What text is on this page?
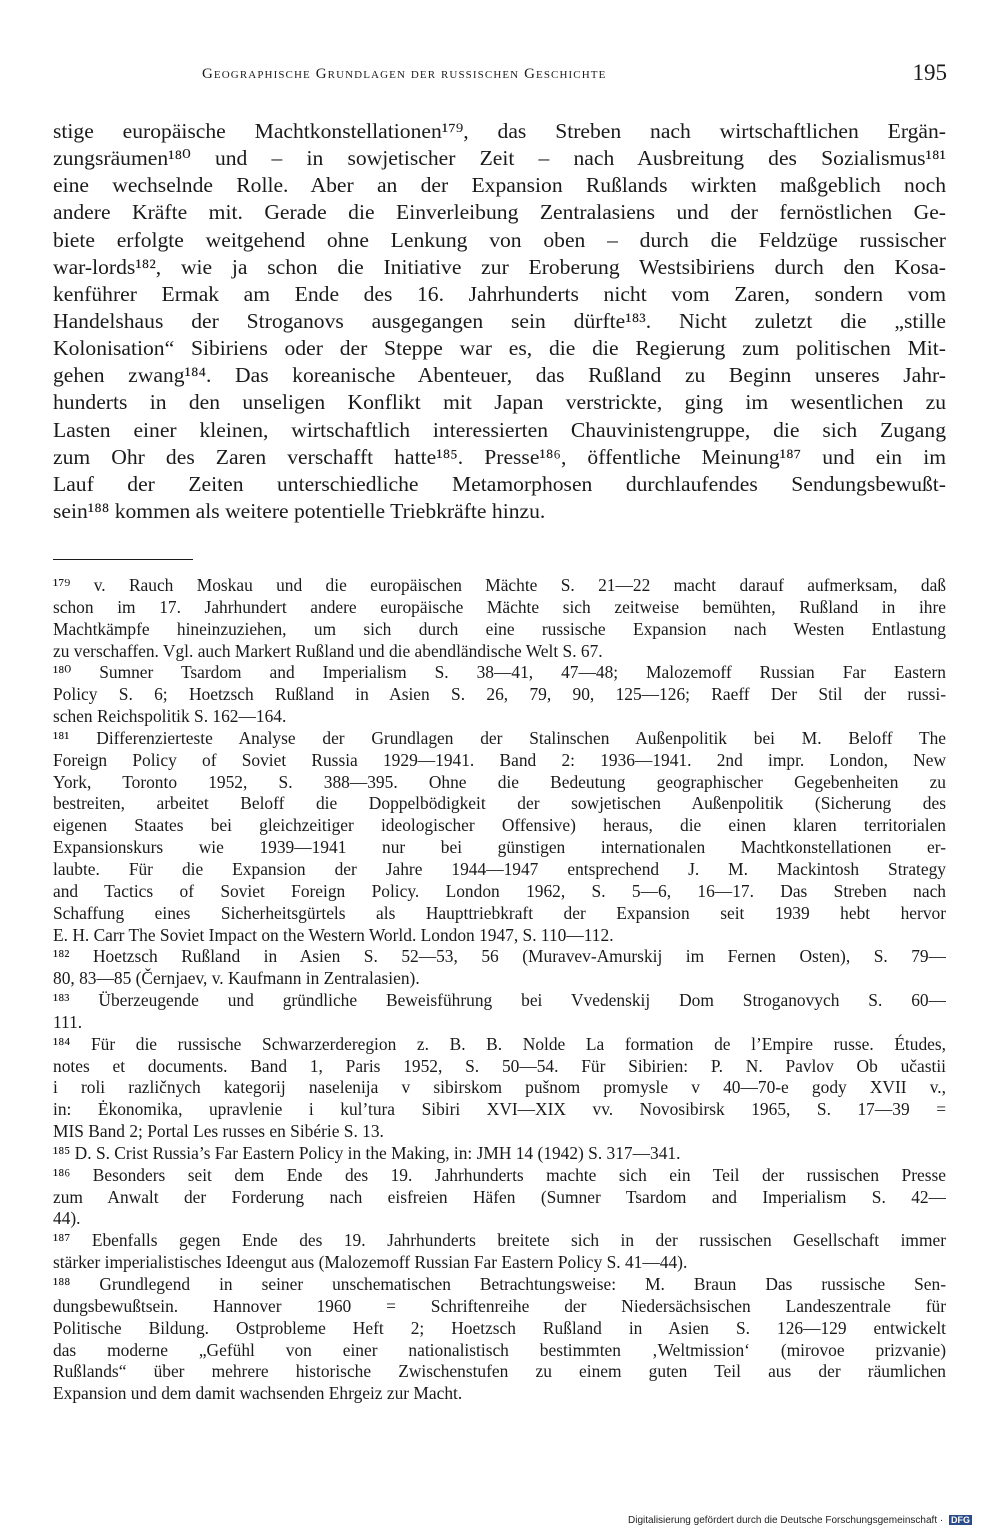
Geographische Grundlagen der russischen Geschichte	195
stige europäische Machtkonstellationen¹⁷⁹, das Streben nach wirtschaftlichen Ergän-
zungsräumen¹⁸⁰ und – in sowjetischer Zeit – nach Ausbreitung des Sozialismus¹⁸¹
eine wechselnde Rolle. Aber an der Expansion Rußlands wirkten maßgeblich noch
andere Kräfte mit. Gerade die Einverleibung Zentralasiens und der fernöstlichen Ge-
biete erfolgte weitgehend ohne Lenkung von oben – durch die Feldzüge russischer
war-lords¹⁸², wie ja schon die Initiative zur Eroberung Westsibiriens durch den Kosa-
kenführer Ermak am Ende des 16. Jahrhunderts nicht vom Zaren, sondern vom
Handelshaus der Stroganovs ausgegangen sein dürfte¹⁸³. Nicht zuletzt die „stille
Kolonisation“ Sibiriens oder der Steppe war es, die die Regierung zum politischen Mit-
gehen zwang¹⁸⁴. Das koreanische Abenteuer, das Rußland zu Beginn unseres Jahr-
hunderts in den unseligen Konflikt mit Japan verstrickte, ging im wesentlichen zu
Lasten einer kleinen, wirtschaftlich interessierten Chauvinistengruppe, die sich Zugang
zum Ohr des Zaren verschafft hatte¹⁸⁵. Presse¹⁸⁶, öffentliche Meinung¹⁸⁷ und ein im
Lauf der Zeiten unterschiedliche Metamorphosen durchlaufendes Sendungsbewußt-
sein¹⁸⁸ kommen als weitere potentielle Triebkräfte hinzu.
¹⁷⁹ v. Rauch Moskau und die europäischen Mächte S. 21—22 macht darauf aufmerksam, daß
schon im 17. Jahrhundert andere europäische Mächte sich zeitweise bemühten, Rußland in ihre
Machtkämpfe hineinzuziehen, um sich durch eine russische Expansion nach Westen Entlastung
zu verschaffen. Vgl. auch Markert Rußland und die abendländische Welt S. 67.
¹⁸⁰ Sumner Tsardom and Imperialism S. 38—41, 47—48; Malozemoff Russian Far Eastern
Policy S. 6; Hoetzsch Rußland in Asien S. 26, 79, 90, 125—126; Raeff Der Stil der russi-
schen Reichspolitik S. 162—164.
¹⁸¹ Differenzierteste Analyse der Grundlagen der Stalinschen Außenpolitik bei M. Beloff The
Foreign Policy of Soviet Russia 1929—1941. Band 2: 1936—1941. 2nd impr. London, New
York, Toronto 1952, S. 388—395. Ohne die Bedeutung geographischer Gegebenheiten zu
bestreiten, arbeitet Beloff die Doppelbödigkeit der sowjetischen Außenpolitik (Sicherung des
eigenen Staates bei gleichzeitiger ideologischer Offensive) heraus, die einen klaren territorialen
Expansionskurs wie 1939—1941 nur bei günstigen internationalen Machtkonstellationen er-
laubte. Für die Expansion der Jahre 1944—1947 entsprechend J. M. Mackintosh Strategy
and Tactics of Soviet Foreign Policy. London 1962, S. 5—6, 16—17. Das Streben nach
Schaffung eines Sicherheitsgürtels als Haupttriebkraft der Expansion seit 1939 hebt hervor
E. H. Carr The Soviet Impact on the Western World. London 1947, S. 110—112.
¹⁸² Hoetzsch Rußland in Asien S. 52—53, 56 (Muravev-Amurskij im Fernen Osten), S. 79—
80, 83—85 (Černjaev, v. Kaufmann in Zentralasien).
¹⁸³ Überzeugende und gründliche Beweisführung bei Vvedenskij Dom Stroganovych S. 60—
111.
¹⁸⁴ Für die russische Schwarzerderegion z. B. B. Nolde La formation de l’Empire russe. Études,
notes et documents. Band 1, Paris 1952, S. 50—54. Für Sibirien: P. N. Pavlov Ob učastii
i roli različnych kategorij naselenija v sibirskom pušnom promysle v 40—70-e gody XVII v.,
in: Ėkonomika, upravlenie i kul’tura Sibiri XVI—XIX vv. Novosibirsk 1965, S. 17—39 =
MIS Band 2; Portal Les russes en Sibérie S. 13.
¹⁸⁵ D. S. Crist Russia’s Far Eastern Policy in the Making, in: JMH 14 (1942) S. 317—341.
¹⁸⁶ Besonders seit dem Ende des 19. Jahrhunderts machte sich ein Teil der russischen Presse
zum Anwalt der Forderung nach eisfreien Häfen (Sumner Tsardom and Imperialism S. 42—
44).
¹⁸⁷ Ebenfalls gegen Ende des 19. Jahrhunderts breitete sich in der russischen Gesellschaft immer
stärker imperialistisches Ideengut aus (Malozemoff Russian Far Eastern Policy S. 41—44).
¹⁸⁸ Grundlegend in seiner unschematischen Betrachtungsweise: M. Braun Das russische Sen-
dungsbewußtsein. Hannover 1960 = Schriftenreihe der Niedersächsischen Landeszentrale für
Politische Bildung. Ostprobleme Heft 2; Hoetzsch Rußland in Asien S. 126—129 entwickelt
das moderne „Gefühl von einer nationalistisch bestimmten ‚Weltmission‘ (mirovoe prizvanie)
Rußlands“ über mehrere historische Zwischenstufen zu einem guten Teil aus der räumlichen
Expansion und dem damit wachsenden Ehrgeiz zur Macht.
Digitalisierung gefördert durch die Deutsche Forschungsgemeinschaft · DFG
